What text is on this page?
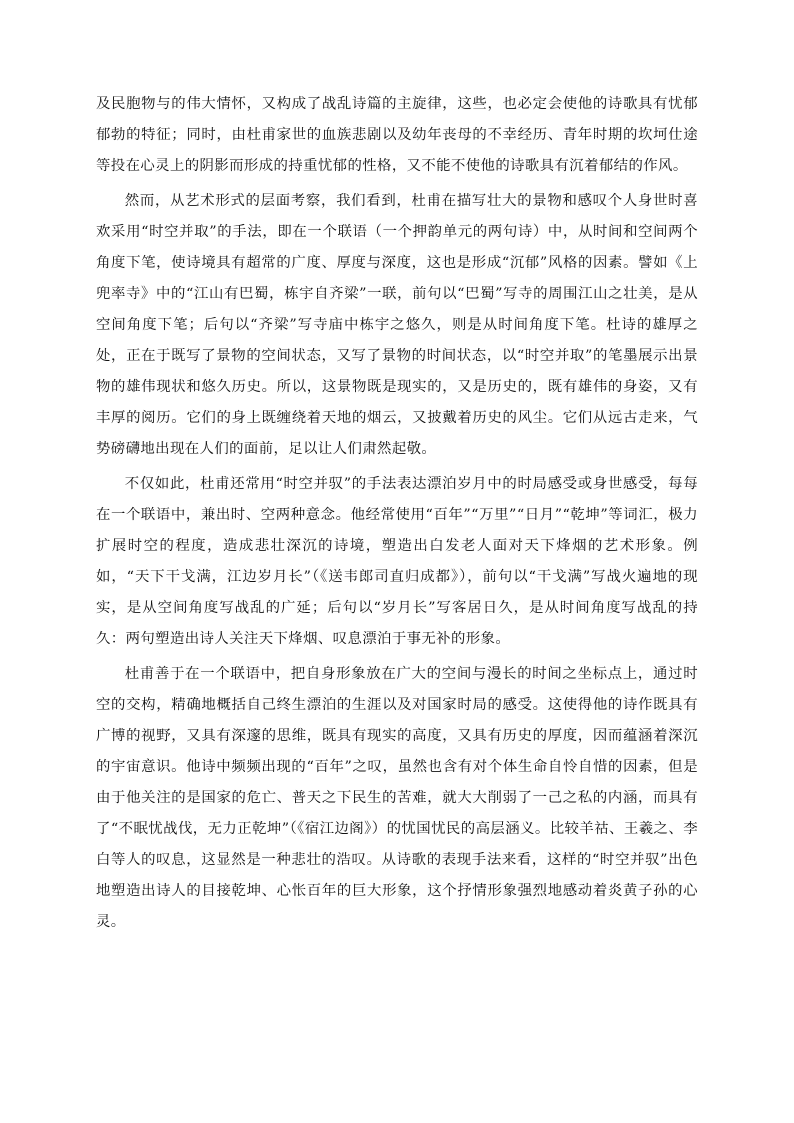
及民胞物与的伟大情怀，又构成了战乱诗篇的主旋律，这些，也必定会使他的诗歌具有忧郁郁勃的特征；同时，由杜甫家世的血族悲剧以及幼年丧母的不幸经历、青年时期的坎坷仕途等投在心灵上的阴影而形成的持重忧郁的性格，又不能不使他的诗歌具有沉着郁结的作风。

然而，从艺术形式的层面考察，我们看到，杜甫在描写壮大的景物和感叹个人身世时喜欢采用“时空并取”的手法，即在一个联语（一个押韵单元的两句诗）中，从时间和空间两个角度下笔，使诗境具有超常的广度、厚度与深度，这也是形成“沉郁”风格的因素。譬如《上兜率寺》中的“江山有巴蜀，栋宇自齐梁”一联，前句以“巴蜀”写寺的周围江山之壮美，是从空间角度下笔；后句以“齐梁”写寺庙中栋宇之悠久，则是从时间角度下笔。杜诗的雄厚之处，正在于既写了景物的空间状态，又写了景物的时间状态，以“时空并取”的笔墨展示出景物的雄伟现状和悠久历史。所以，这景物既是现实的，又是历史的，既有雄伟的身姿，又有丰厚的阅历。它们的身上既缠绕着天地的烟云，又披戴着历史的风尘。它们从远古走来，气势磅礴地出现在人们的面前，足以让人们肃然起敬。

不仅如此，杜甫还常用“时空并驭”的手法表达漂泊岁月中的时局感受或身世感受，每每在一个联语中，兼出时、空两种意念。他经常使用“百年”“万里”“日月”“乾坤”等词汇，极力扩展时空的程度，造成悲壮深沉的诗境，塑造出白发老人面对天下烽烟的艺术形象。例如，“天下干戈满，江边岁月长”（《送韦郎司直归成都》），前句以“干戈满”写战火遍地的现实，是从空间角度写战乱的广延；后句以“岁月长”写客居日久，是从时间角度写战乱的持久：两句塑造出诗人关注天下烽烟、叹息漂泊于事无补的形象。

杜甫善于在一个联语中，把自身形象放在广大的空间与漫长的时间之坐标点上，通过时空的交构，精确地概括自己终生漂泊的生涯以及对国家时局的感受。这使得他的诗作既具有广博的视野，又具有深邃的思维，既具有现实的高度，又具有历史的厚度，因而蕴涵着深沉的宇宙意识。他诗中频频出现的“百年”之叹，虽然也含有对个体生命自怜自惜的因素，但是由于他关注的是国家的危亡、普天之下民生的苦难，就大大削弱了一己之私的内涵，而具有了“不眠忧战伐，无力正乾坤”（《宿江边阁》）的忧国忧民的高层涵义。比较羊祜、王羲之、李白等人的叹息，这显然是一种悲壮的浩叹。从诗歌的表现手法来看，这样的“时空并驭”出色地塑造出诗人的目接乾坤、心怅百年的巨大形象，这个抒情形象强烈地感动着炎黄子孙的心灵。
